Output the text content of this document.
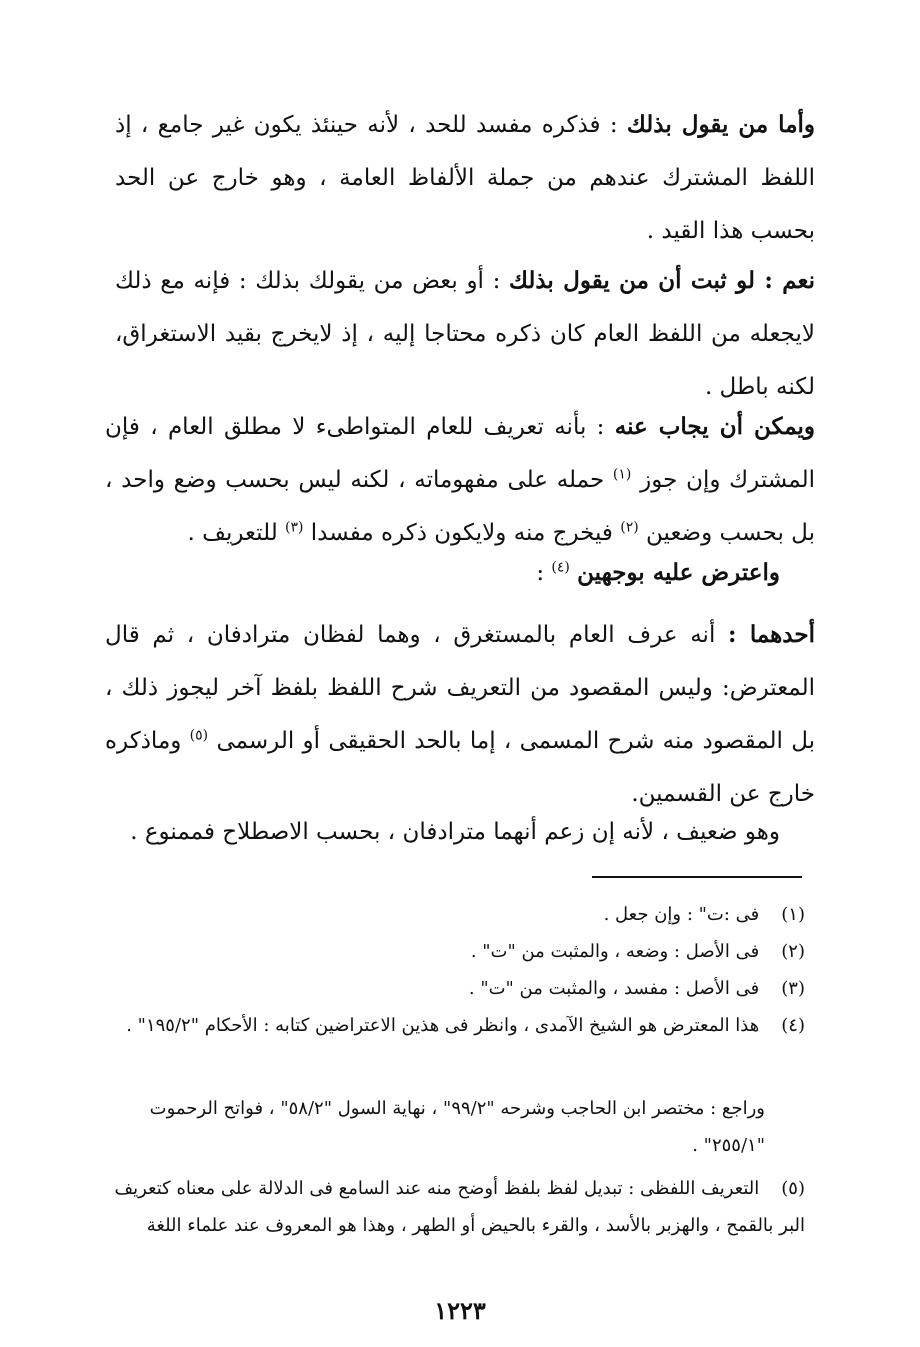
وأما من يقول بذلك : فذكره مفسد للحد ، لأنه حينئذ يكون غير جامع ، إذ اللفظ المشترك عندهم من جملة الألفاظ العامة ، وهو خارج عن الحد بحسب هذا القيد .

نعم : لو ثبت أن من يقول بذلك : أو بعض من يقولك بذلك : فإنه مع ذلك لايجعله من اللفظ العام كان ذكره محتاجا إليه ، إذ لايخرج بقيد الاستغراق، لكنه باطل .

ويمكن أن يجاب عنه : بأنه تعريف للعام المتواطىء لا مطلق العام ، فإن المشترك وإن جوز $^{(١)}$ حمله على مفهوماته ، لكنه ليس بحسب وضع واحد ، بل بحسب وضعين $^{(٢)}$ فيخرج منه ولايكون ذكره مفسدا $^{(٣)}$ للتعريف .

واعترض عليه بوجهين $^{(٤)}$ :

أحدهما : أنه عرف العام بالمستغرق ، وهما لفظان مترادفان ، ثم قال المعترض: وليس المقصود من التعريف شرح اللفظ بلفظ آخر ليجوز ذلك ، بل المقصود منه شرح المسمى ، إما بالحد الحقيقى أو الرسمى $^{(٥)}$ وماذكره خارج عن القسمين.

وهو ضعيف ، لأنه إن زعم أنهما مترادفان ، بحسب الاصطلاح فممنوع .

(١) فى :ت" : وإن جعل .

(٢) فى الأصل : وضعه ، والمثبت من "ت" .

(٣) فى الأصل : مفسد ، والمثبت من "ت" .

(٤) هذا المعترض هو الشيخ الآمدى ، وانظر فى هذين الاعتراضين كتابه : الأحكام "١٩٥/٢" .

وراجع : مختصر ابن الحاجب وشرحه "٩٩/٢" ، نهاية السول "٥٨/٢" ، فواتح الرحموت "٢٥٥/١" .

(٥) التعريف اللفظى : تبديل لفظ بلفظ أوضح منه عند السامع فى الدلالة على معناه كتعريف البر بالقمح ، والهزبر بالأسد ، والقرء بالحيض أو الطهر ، وهذا هو المعروف عند علماء اللغة

١٢٢٣
